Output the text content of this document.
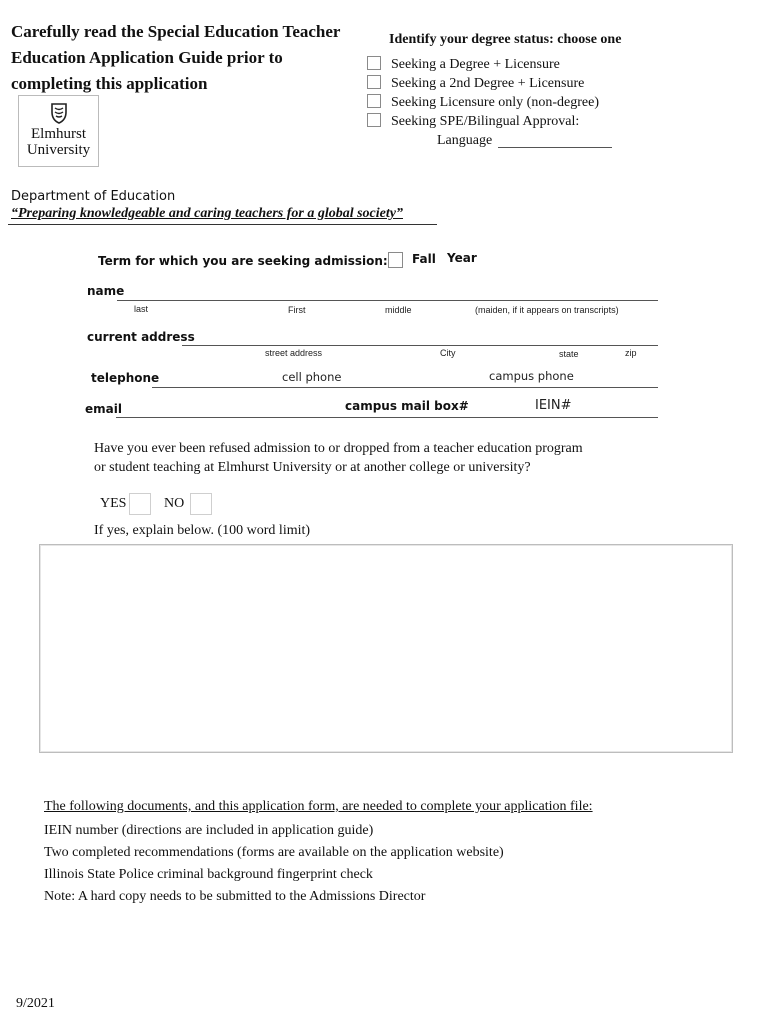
Carefully read the Special Education Teacher
Education Application Guide prior to
completing this application
Elmhurst
University
Identify your degree status: choose one
Seeking a Degree + Licensure
Seeking a 2nd Degree + Licensure
Seeking Licensure only (non-degree)
Seeking SPE/Bilingual Approval:
Language
Department of Education
“Preparing knowledgeable and caring teachers for a global society”
Term for which you are seeking admission: Fall Year
name
last	First	middle	(maiden, if it appears on transcripts)
current address
street address	City	state	zip
telephone	cell phone	campus phone
email	campus mail box#	IEIN#
Have you ever been refused admission to or dropped from a teacher education program
or student teaching at Elmhurst University or at another college or university?
YES	NO
If yes, explain below. (100 word limit)
The following documents, and this application form, are needed to complete your application file:
IEIN number (directions are included in application guide)
Two completed recommendations (forms are available on the application website)
Illinois State Police criminal background fingerprint check
Note: A hard copy needs to be submitted to the Admissions Director
9/2021
